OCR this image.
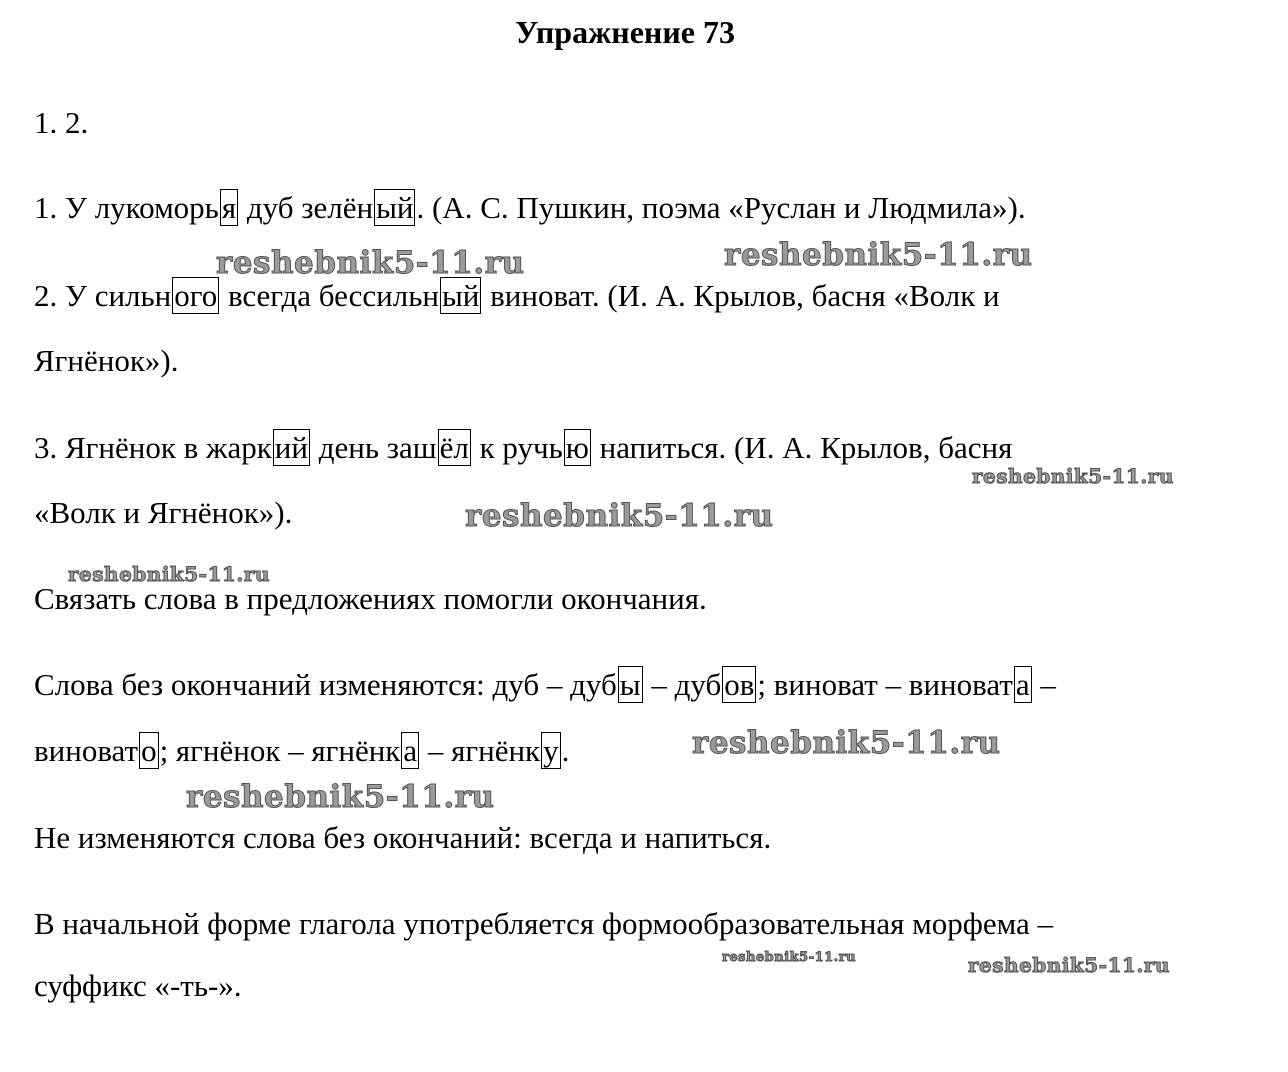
Упражнение 73
1. 2.
1. У лукоморья дуб зелёный. (А. С. Пушкин, поэма «Руслан и Людмила»).
2. У сильного всегда бессильный виноват. (И. А. Крылов, басня «Волк и
Ягнёнок»).
3. Ягнёнок в жаркий день зашёл к ручью напиться. (И. А. Крылов, басня
«Волк и Ягнёнок»).
Связать слова в предложениях помогли окончания.
Слова без окончаний изменяются: дуб – дубы – дубов; виноват – виновата –
виновато; ягнёнок – ягнёнка – ягнёнку.
Не изменяются слова без окончаний: всегда и напиться.
В начальной форме глагола употребляется формообразовательная морфема –
суффикс «-ть-».
reshebnik5-11.ru	reshebnik5-11.ru
reshebnik5-11.ru
reshebnik5-11.ru
reshebnik5-11.ru
reshebnik5-11.ru
reshebnik5-11.ru
reshebnik5-11.ru	reshebnik5-11.ru
